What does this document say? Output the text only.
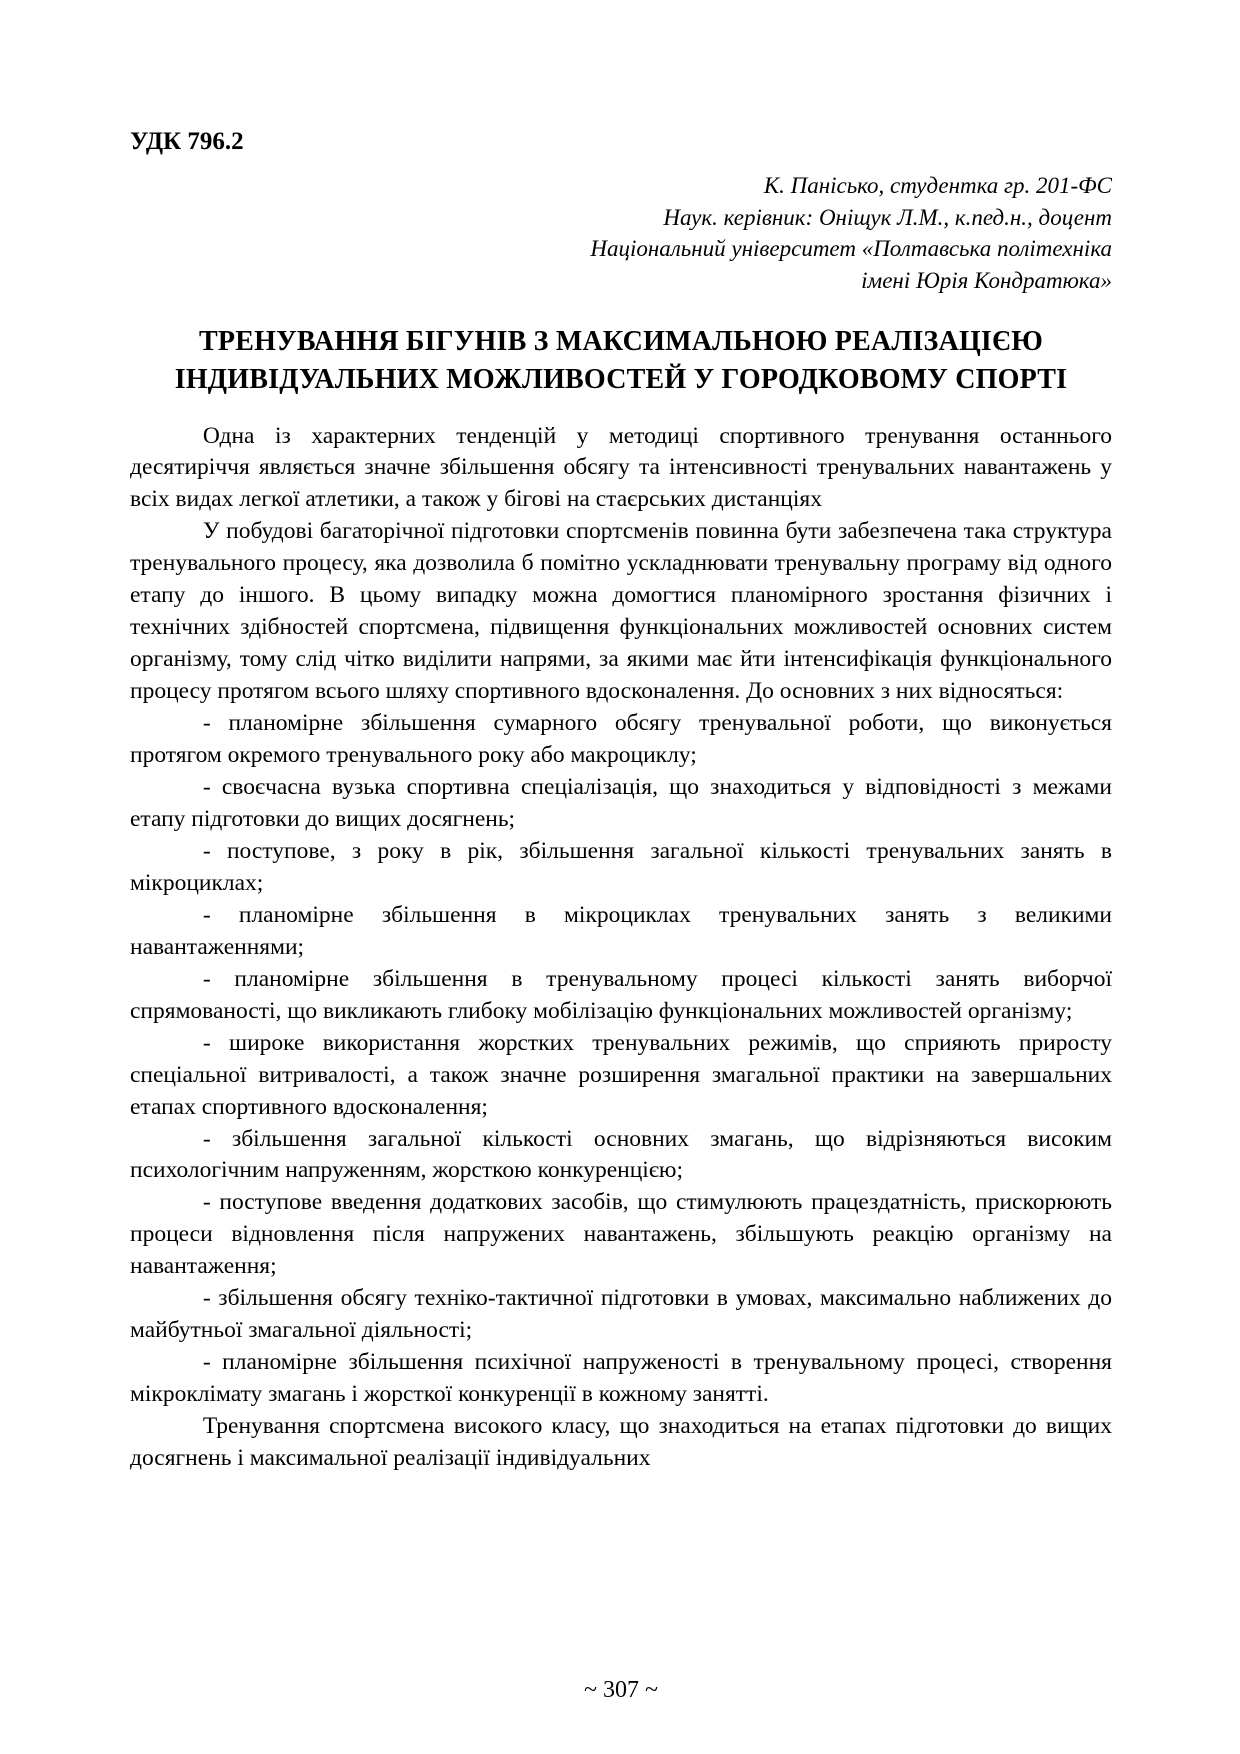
УДК 796.2
К. Панісько, студентка гр. 201-ФС
Наук. керівник: Оніщук Л.М., к.пед.н., доцент
Національний університет «Полтавська політехніка
імені Юрія Кондратюка»
ТРЕНУВАННЯ БІГУНІВ З МАКСИМАЛЬНОЮ РЕАЛІЗАЦІЄЮ ІНДИВІДУАЛЬНИХ МОЖЛИВОСТЕЙ У ГОРОДКОВОМУ СПОРТІ

Одна із характерних тенденцій у методиці спортивного тренування останнього десятиріччя являється значне збільшення обсягу та інтенсивності тренувальних навантажень у всіх видах легкої атлетики, а також у бігові на стаєрських дистанціях

У побудові багаторічної підготовки спортсменів повинна бути забезпечена така структура тренувального процесу, яка дозволила б помітно ускладнювати тренувальну програму від одного етапу до іншого. В цьому випадку можна домогтися планомірного зростання фізичних і технічних здібностей спортсмена, підвищення функціональних можливостей основних систем організму, тому слід чітко виділити напрями, за якими має йти інтенсифікація функціонального процесу протягом всього шляху спортивного вдосконалення. До основних з них відносяться:

- планомірне збільшення сумарного обсягу тренувальної роботи, що виконується протягом окремого тренувального року або макроциклу;

- своєчасна вузька спортивна спеціалізація, що знаходиться у відповідності з межами етапу підготовки до вищих досягнень;

- поступове, з року в рік, збільшення загальної кількості тренувальних занять в мікроциклах;

- планомірне збільшення в мікроциклах тренувальних занять з великими навантаженнями;

- планомірне збільшення в тренувальному процесі кількості занять виборчої спрямованості, що викликають глибоку мобілізацію функціональних можливостей організму;

- широке використання жорстких тренувальних режимів, що сприяють приросту спеціальної витривалості, а також значне розширення змагальної практики на завершальних етапах спортивного вдосконалення;

- збільшення загальної кількості основних змагань, що відрізняються високим психологічним напруженням, жорсткою конкуренцією;

- поступове введення додаткових засобів, що стимулюють працездатність, прискорюють процеси відновлення після напружених навантажень, збільшують реакцію організму на навантаження;

- збільшення обсягу техніко-тактичної підготовки в умовах, максимально наближених до майбутньої змагальної діяльності;

- планомірне збільшення психічної напруженості в тренувальному процесі, створення мікроклімату змагань і жорсткої конкуренції в кожному занятті.

Тренування спортсмена високого класу, що знаходиться на етапах підготовки до вищих досягнень і максимальної реалізації індивідуальних

~ 307 ~
